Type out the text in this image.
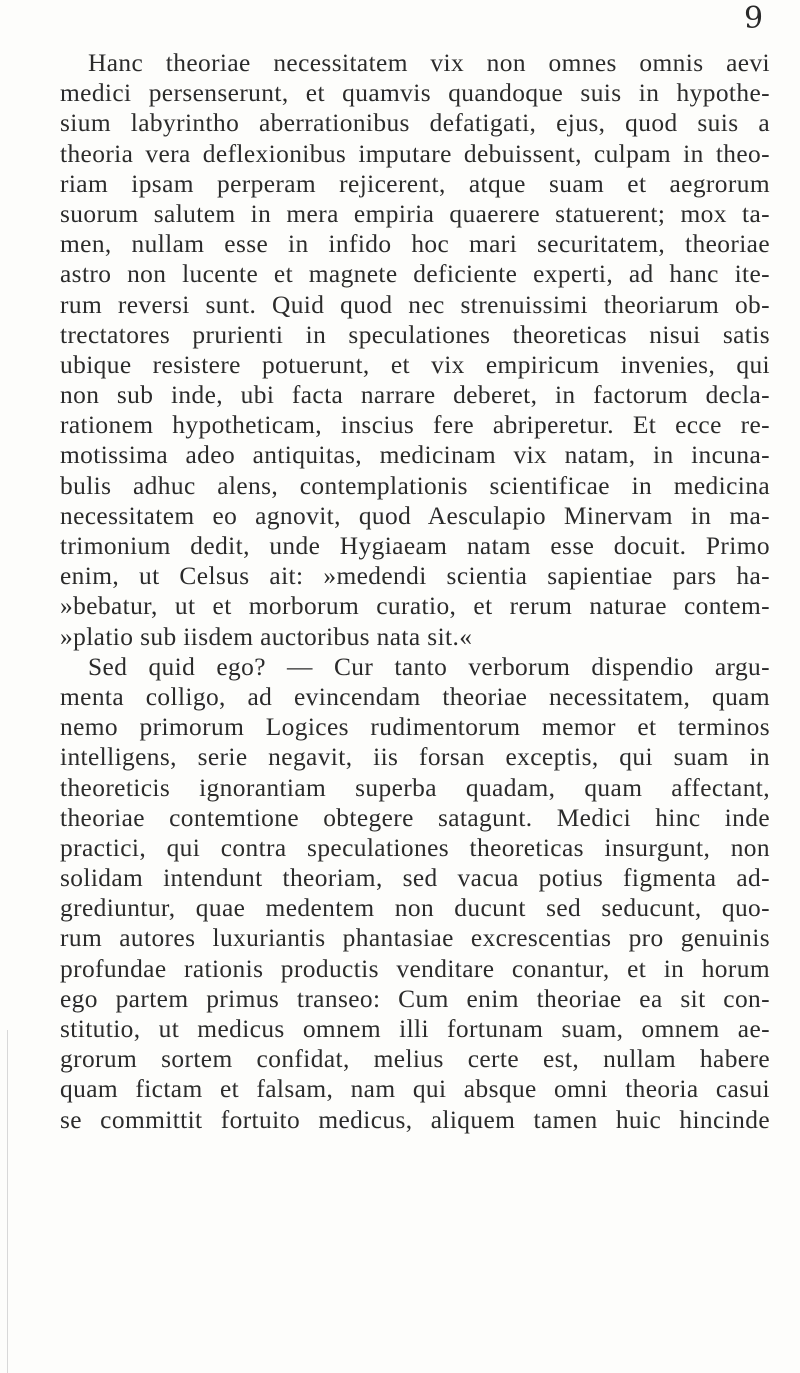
9
Hanc theoriae necessitatem vix non omnes omnis aevi
medici persenserunt, et quamvis quandoque suis in hypothe-
sium labyrintho aberrationibus defatigati, ejus, quod suis a
theoria vera deflexionibus imputare debuissent, culpam in theo-
riam ipsam perperam rejicerent, atque suam et aegrorum
suorum salutem in mera empiria quaerere statuerent; mox ta-
men, nullam esse in infido hoc mari securitatem, theoriae
astro non lucente et magnete deficiente experti, ad hanc ite-
rum reversi sunt. Quid quod nec strenuissimi theoriarum ob-
trectatores prurienti in speculationes theoreticas nisui satis
ubique resistere potuerunt, et vix empiricum invenies, qui
non sub inde, ubi facta narrare deberet, in factorum decla-
rationem hypotheticam, inscius fere abriperetur. Et ecce re-
motissima adeo antiquitas, medicinam vix natam, in incuna-
bulis adhuc alens, contemplationis scientificae in medicina
necessitatem eo agnovit, quod Aesculapio Minervam in ma-
trimonium dedit, unde Hygiaeam natam esse docuit. Primo
enim, ut Celsus ait: »medendi scientia sapientiae pars ha-
»bebatur, ut et morborum curatio, et rerum naturae contem-
»platio sub iisdem auctoribus nata sit.«
Sed quid ego? — Cur tanto verborum dispendio argu-
menta colligo, ad evincendam theoriae necessitatem, quam
nemo primorum Logices rudimentorum memor et terminos
intelligens, serie negavit, iis forsan exceptis, qui suam in
theoreticis ignorantiam superba quadam, quam affectant,
theoriae contemtione obtegere satagunt. Medici hinc inde
practici, qui contra speculationes theoreticas insurgunt, non
solidam intendunt theoriam, sed vacua potius figmenta ad-
grediuntur, quae medentem non ducunt sed seducunt, quo-
rum autores luxuriantis phantasiae excrescentias pro genuinis
profundae rationis productis venditare conantur, et in horum
ego partem primus transeo: Cum enim theoriae ea sit con-
stitutio, ut medicus omnem illi fortunam suam, omnem ae-
grorum sortem confidat, melius certe est, nullam habere
quam fictam et falsam, nam qui absque omni theoria casui
se committit fortuito medicus, aliquem tamen huic hincinde
